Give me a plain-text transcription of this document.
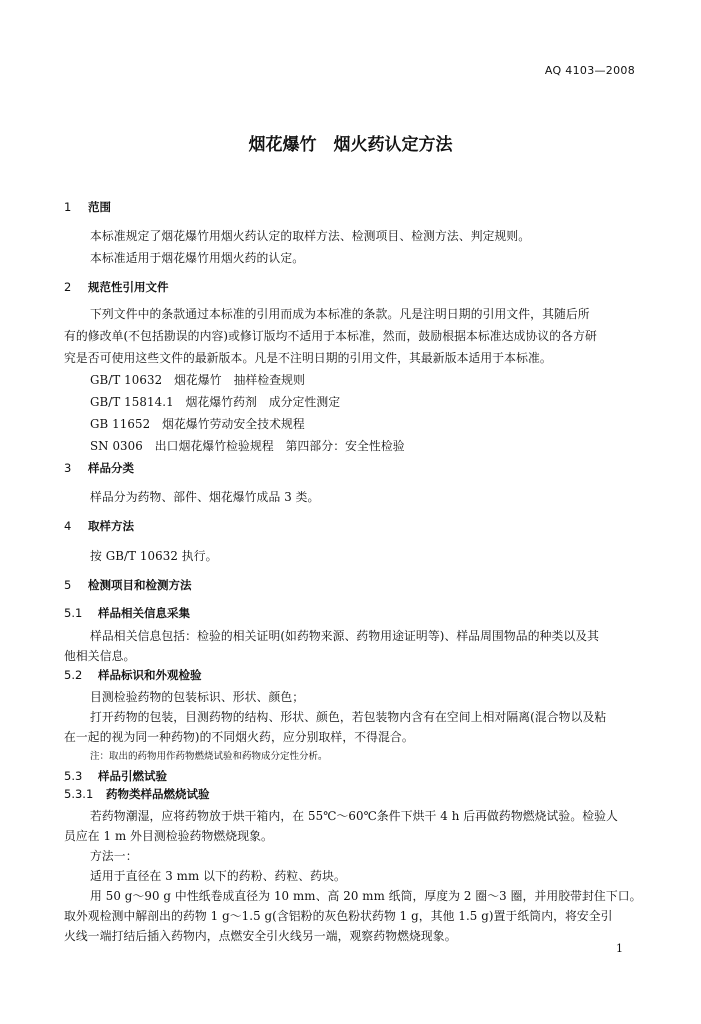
AQ 4103—2008
烟花爆竹　烟火药认定方法
1 范围
本标准规定了烟花爆竹用烟火药认定的取样方法、检测项目、检测方法、判定规则。
本标准适用于烟花爆竹用烟火药的认定。
2 规范性引用文件
下列文件中的条款通过本标准的引用而成为本标准的条款。凡是注明日期的引用文件，其随后所
有的修改单(不包括勘误的内容)或修订版均不适用于本标准，然而，鼓励根据本标准达成协议的各方研
究是否可使用这些文件的最新版本。凡是不注明日期的引用文件，其最新版本适用于本标准。
GB/T 10632　烟花爆竹　抽样检查规则
GB/T 15814.1　烟花爆竹药剂　成分定性测定
GB 11652　烟花爆竹劳动安全技术规程
SN 0306　出口烟花爆竹检验规程　第四部分：安全性检验
3 样品分类
样品分为药物、部件、烟花爆竹成品 3 类。
4 取样方法
按 GB/T 10632 执行。
5 检测项目和检测方法
5.1 样品相关信息采集
样品相关信息包括：检验的相关证明(如药物来源、药物用途证明等)、样品周围物品的种类以及其
他相关信息。
5.2 样品标识和外观检验
目测检验药物的包装标识、形状、颜色；
打开药物的包装，目测药物的结构、形状、颜色，若包装物内含有在空间上相对隔离(混合物以及粘
在一起的视为同一种药物)的不同烟火药，应分别取样，不得混合。
注：取出的药物用作药物燃烧试验和药物成分定性分析。
5.3 样品引燃试验
5.3.1 药物类样品燃烧试验
若药物潮湿，应将药物放于烘干箱内，在 55℃～60℃条件下烘干 4 h 后再做药物燃烧试验。检验人
员应在 1 m 外目测检验药物燃烧现象。
方法一：
适用于直径在 3 mm 以下的药粉、药粒、药块。
用 50 g～90 g 中性纸卷成直径为 10 mm、高 20 mm 纸筒，厚度为 2 圈～3 圈，并用胶带封住下口。
取外观检测中解剖出的药物 1 g～1.5 g(含铝粉的灰色粉状药物 1 g，其他 1.5 g)置于纸筒内，将安全引
火线一端打结后插入药物内，点燃安全引火线另一端，观察药物燃烧现象。
1
